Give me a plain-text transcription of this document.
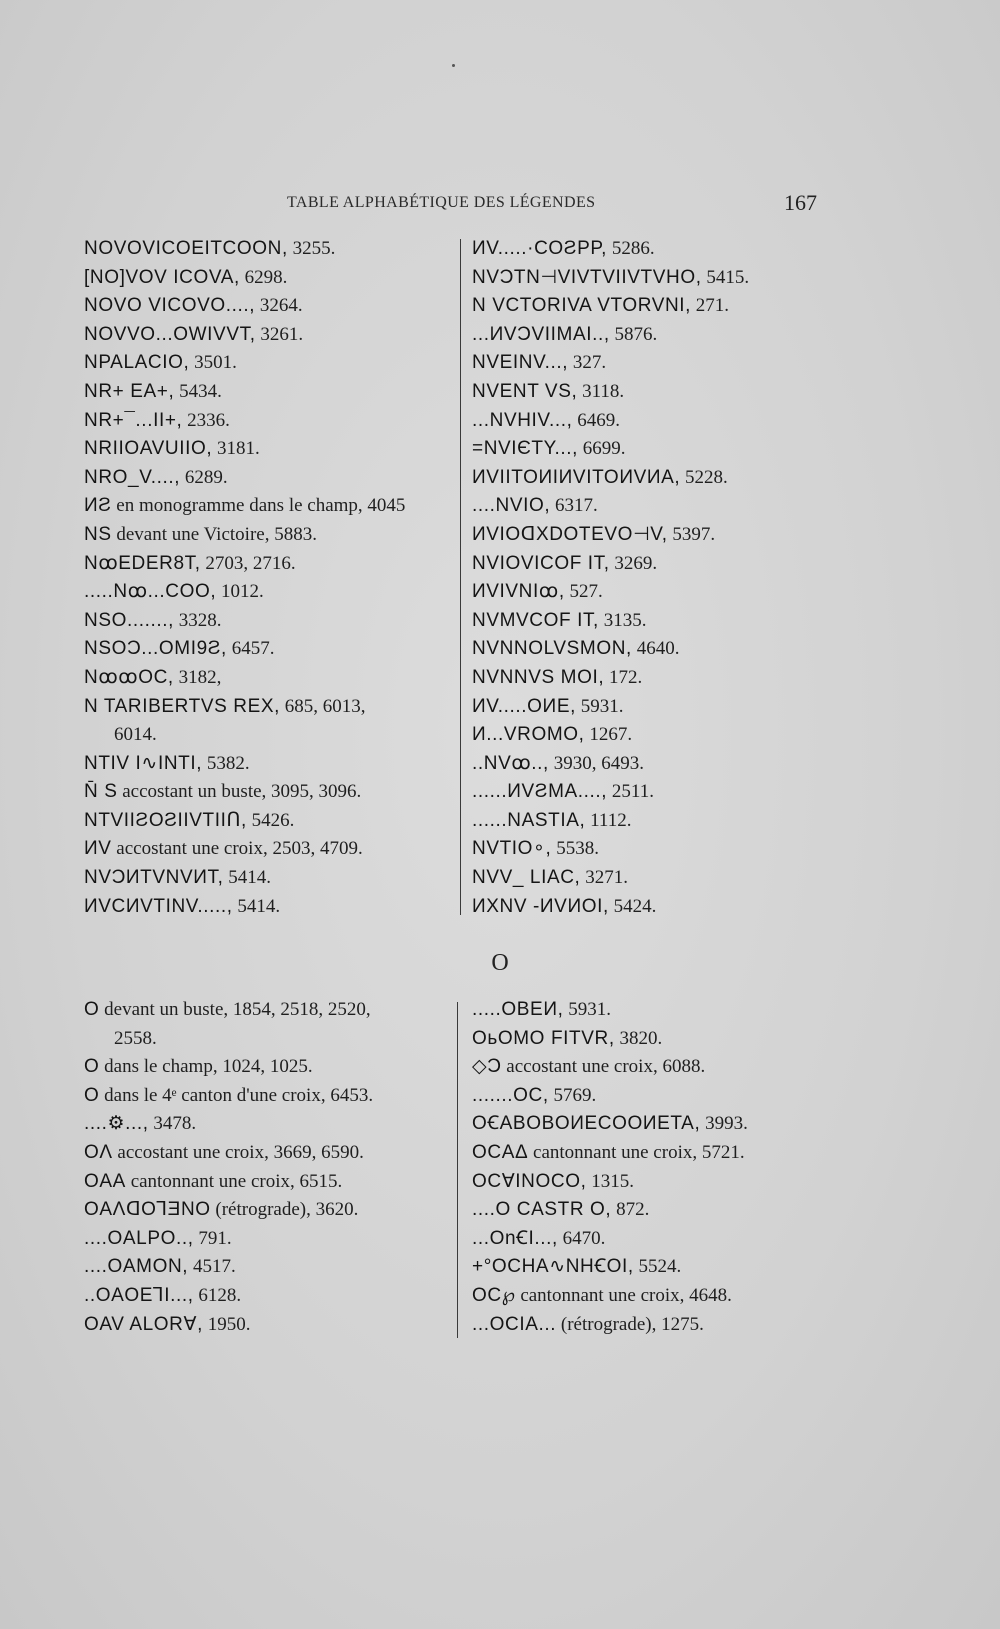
TABLE ALPHABÉTIQUE DES LÉGENDES	167
NOVOVICOEITCOON, 3255.
[NO]VOV ICOVA, 6298.
NOVO VICOVO...., 3264.
NOVVO...OWIVVT, 3261.
NPALACIO, 3501.
NR+ EA+, 5434.
NR+¯...II+, 2336.
NRIIOAVUIIO, 3181.
NRO_V...., 6289.
ИƧ en monogramme dans le champ, 4045
NS devant une Victoire, 5883.
NꝏEDER8T, 2703, 2716.
.....Nꝏ...COO, 1012.
NSO......., 3328.
NSOƆ...OMI9Ƨ, 6457.
NꝏꝏOC, 3182,
N TARIBERTVS REX, 685, 6013,
6014.
NTIV I∿INTI, 5382.
N̄ S accostant un buste, 3095, 3096.
NTVIIƧOƧIIVTIIᑎ, 5426.
ИV accostant une croix, 2503, 4709.
NVƆИTVNVИT, 5414.
ИVCИVTINV....., 5414.
ИV.....·COƧPP, 5286.
NVƆTN⊣VIVTVIIVTVHO, 5415.
N VCTORIVA VTORVNI, 271.
...ИVƆVIIMAI.., 5876.
NVEINV..., 327.
NVENT VS, 3118.
...NVHIV..., 6469.
=NVIЄTY..., 6699.
ИVIITOИIИVITOИVИA, 5228.
....NVIO, 6317.
ИVIOᗡXDOTEVO⊣V, 5397.
NVIOVICOF IT, 3269.
ИVIVNIꝏ, 527.
NVMVCOF IT, 3135.
NVNNOLVSMON, 4640.
NVNNVS MOI, 172.
ИV.....OИE, 5931.
И...VROMO, 1267.
..NVꝏ.., 3930, 6493.
......ИVƧMA...., 2511.
......NASTIA, 1112.
NVTIO∘, 5538.
NVV_ LIAC, 3271.
ИXNV -ИVИOI, 5424.
O
O devant un buste, 1854, 2518, 2520,
2558.
O dans le champ, 1024, 1025.
O dans le 4ᵉ canton d'une croix, 6453.
....⚙..., 3478.
OΛ accostant une croix, 3669, 6590.
OAA cantonnant une croix, 6515.
OAΛᗡO⅂ƎNO (rétrograde), 3620.
....OALPO.., 791.
....OAMON, 4517.
..OAOE⅂I..., 6128.
OAV ALORⱯ, 1950.
.....OBEИ, 5931.
OьOMO FITVR, 3820.
◇Ɔ accostant une croix, 6088.
.......OC, 5769.
OꞒABOBOИECOOИETA, 3993.
OCAΔ cantonnant une croix, 5721.
OCⱯINOCO, 1315.
....O CASTR O, 872.
...OnꞒI..., 6470.
+°OCHA∿NHꞒOI, 5524.
OC℘ cantonnant une croix, 4648.
...OCIA... (rétrograde), 1275.
